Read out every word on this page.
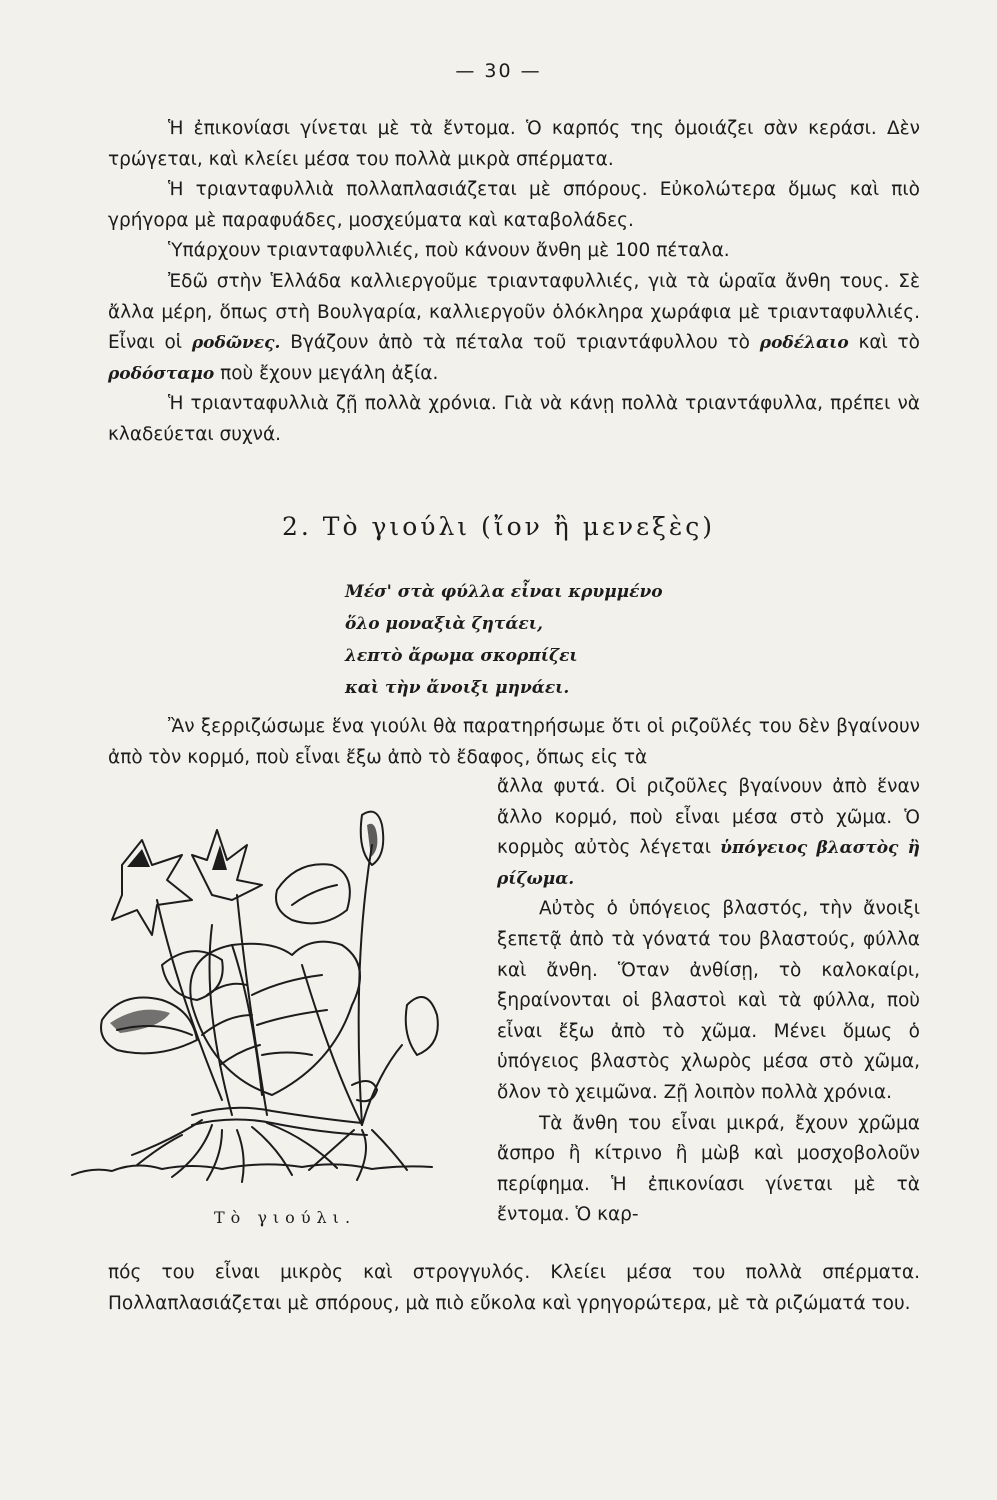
— 30 —

Ἡ ἐπικονίασι γίνεται μὲ τὰ ἔντομα. Ὁ καρπός της ὁμοιάζει σὰν κεράσι. Δὲν τρώγεται, καὶ κλείει μέσα του πολλὰ μικρὰ σπέρματα.

Ἡ τριανταφυλλιὰ πολλαπλασιάζεται μὲ σπόρους. Εὐκολώτερα ὅμως καὶ πιὸ γρήγορα μὲ παραφυάδες, μοσχεύματα καὶ καταβολάδες.

Ὑπάρχουν τριανταφυλλιές, ποὺ κάνουν ἄνθη μὲ 100 πέταλα.

Ἐδῶ στὴν Ἑλλάδα καλλιεργοῦμε τριανταφυλλιές, γιὰ τὰ ὡραῖα ἄνθη τους. Σὲ ἄλλα μέρη, ὅπως στὴ Βουλγαρία, καλλιεργοῦν ὁλόκληρα χωράφια μὲ τριανταφυλλιές. Εἶναι οἱ ροδῶνες. Βγάζουν ἀπὸ τὰ πέταλα τοῦ τριαντάφυλλου τὸ ροδέλαιο καὶ τὸ ροδόσταμο ποὺ ἔχουν μεγάλη ἀξία.

Ἡ τριανταφυλλιὰ ζῇ πολλὰ χρόνια. Γιὰ νὰ κάνῃ πολλὰ τριαντάφυλλα, πρέπει νὰ κλαδεύεται συχνά.

2. Τὸ γιούλι (ἴον ἢ μενεξὲς)
Μέσ' στὰ φύλλα εἶναι κρυμμένο
ὅλο μοναξιὰ ζητάει,
λεπτὸ ἄρωμα σκορπίζει
καὶ τὴν ἄνοιξι μηνάει.

Ἂν ξερριζώσωμε ἕνα γιούλι θὰ παρατηρήσωμε ὅτι οἱ ριζοῦλές του δὲν βγαίνουν ἀπὸ τὸν κορμό, ποὺ εἶναι ἔξω ἀπὸ τὸ ἔδαφος, ὅπως εἰς τὰ

ἄλλα φυτά. Οἱ ριζοῦλες βγαίνουν ἀπὸ ἕναν ἄλλο κορμό, ποὺ εἶναι μέσα στὸ χῶμα. Ὁ κορμὸς αὐτὸς λέγεται ὑπόγειος βλαστὸς ἢ ρίζωμα.

Αὐτὸς ὁ ὑπόγειος βλαστός, τὴν ἄνοιξι ξεπετᾷ ἀπὸ τὰ γόνατά του βλαστούς, φύλλα καὶ ἄνθη. Ὅταν ἀνθίσῃ, τὸ καλοκαίρι, ξηραίνονται οἱ βλαστοὶ καὶ τὰ φύλλα, ποὺ εἶναι ἔξω ἀπὸ τὸ χῶμα. Μένει ὅμως ὁ ὑπόγειος βλαστὸς χλωρὸς μέσα στὸ χῶμα, ὅλον τὸ χειμῶνα. Ζῇ λοιπὸν πολλὰ χρόνια.

Τὰ ἄνθη του εἶναι μικρά, ἔχουν χρῶμα ἄσπρο ἢ κίτρινο ἢ μὼβ καὶ μοσχοβολοῦν περίφημα. Ἡ ἐπικονίασι γίνεται μὲ τὰ ἔντομα. Ὁ καρ-

Τὸ γιούλι.

πός του εἶναι μικρὸς καὶ στρογγυλός. Κλείει μέσα του πολλὰ σπέρματα. Πολλαπλασιάζεται μὲ σπόρους, μὰ πιὸ εὔκολα καὶ γρηγορώτερα, μὲ τὰ ριζώματά του.
